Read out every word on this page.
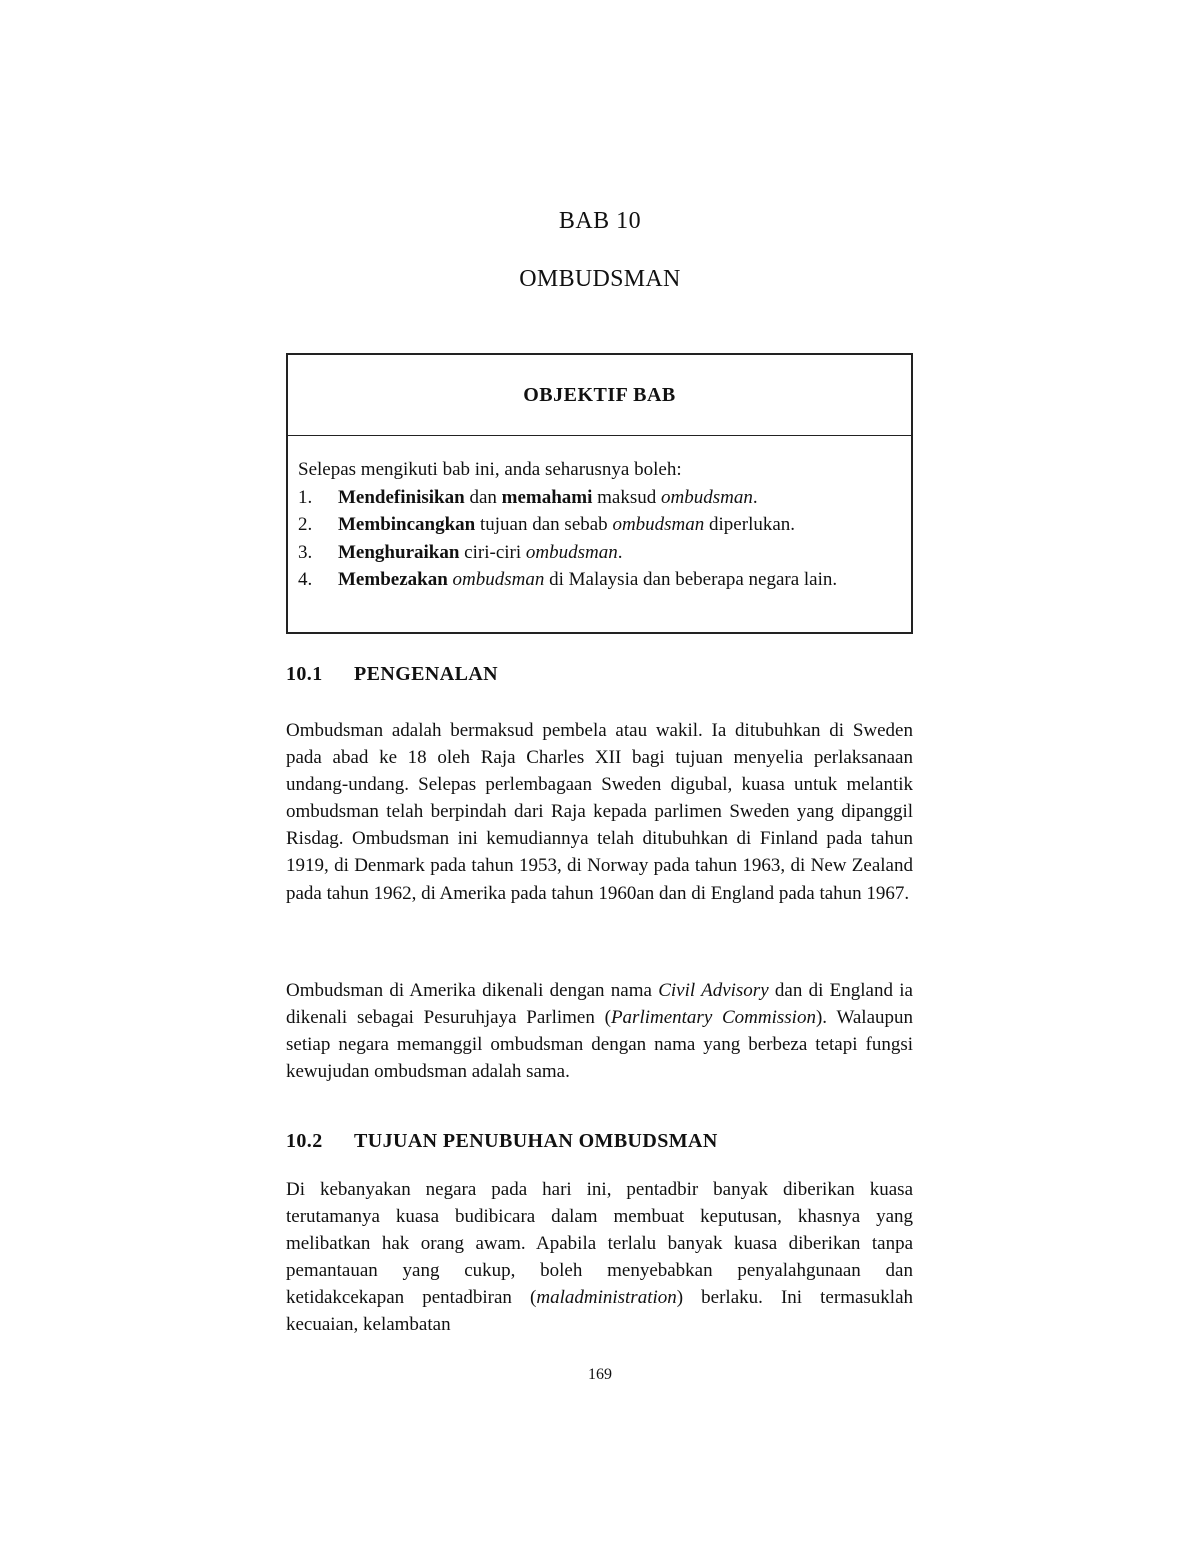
BAB 10
OMBUDSMAN
OBJEKTIF BAB
Selepas mengikuti bab ini, anda seharusnya boleh:
1.	Mendefinisikan dan memahami maksud ombudsman.
2.	Membincangkan tujuan dan sebab ombudsman diperlukan.
3.	Menghuraikan ciri-ciri ombudsman.
4.	Membezakan ombudsman di Malaysia dan beberapa negara lain.
10.1 PENGENALAN

Ombudsman adalah bermaksud pembela atau wakil. Ia ditubuhkan di Sweden pada abad ke 18 oleh Raja Charles XII bagi tujuan menyelia perlaksanaan undang-undang. Selepas perlembagaan Sweden digubal, kuasa untuk melantik ombudsman telah berpindah dari Raja kepada parlimen Sweden yang dipanggil Risdag. Ombudsman ini kemudiannya telah ditubuhkan di Finland pada tahun 1919, di Denmark pada tahun 1953, di Norway pada tahun 1963, di New Zealand pada tahun 1962, di Amerika pada tahun 1960an dan di England pada tahun 1967.

Ombudsman di Amerika dikenali dengan nama Civil Advisory dan di England ia dikenali sebagai Pesuruhjaya Parlimen (Parlimentary Commission). Walaupun setiap negara memanggil ombudsman dengan nama yang berbeza tetapi fungsi kewujudan ombudsman adalah sama.

10.2 TUJUAN PENUBUHAN OMBUDSMAN

Di kebanyakan negara pada hari ini, pentadbir banyak diberikan kuasa terutamanya kuasa budibicara dalam membuat keputusan, khasnya yang melibatkan hak orang awam. Apabila terlalu banyak kuasa diberikan tanpa pemantauan yang cukup, boleh menyebabkan penyalahgunaan dan ketidakcekapan pentadbiran (maladministration) berlaku. Ini termasuklah kecuaian, kelambatan

169
